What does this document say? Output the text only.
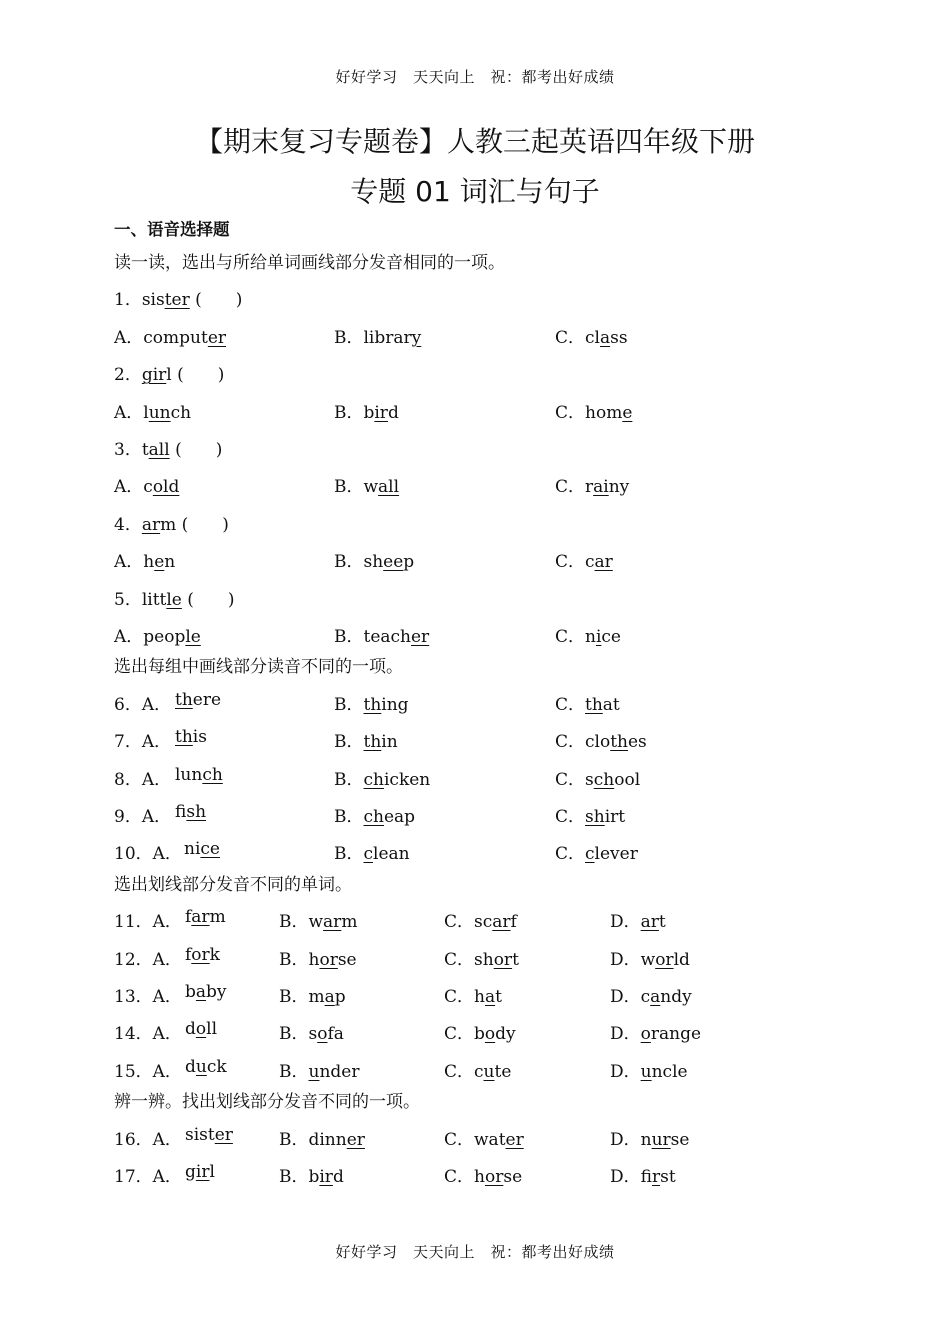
好好学习　天天向上　祝：都考出好成绩
【期末复习专题卷】人教三起英语四年级下册
专题 01 词汇与句子
一、语音选择题
读一读，选出与所给单词画线部分发音相同的一项。
1．sister (　　)
A．computer	B．library	C．class
2．girl (　　)
A．lunch	B．bird	C．home
3．tall (　　)
A．cold	B．wall	C．rainy
4．arm (　　)
A．hen	B．sheep	C．car
5．little (　　)
A．people	B．teacher	C．nice
选出每组中画线部分读音不同的一项。
6．A． there	B．thing	C．that
7．A． this	B．thin	C．clothes
8．A． lunch	B．chicken	C．school
9．A． fish	B．cheap	C．shirt
10．A． nice	B．clean	C．clever
选出划线部分发音不同的单词。
11．A． farm	B．warm	C．scarf	D．art
12．A． fork	B．horse	C．short	D．world
13．A． baby	B．map	C．hat	D．candy
14．A． doll	B．sofa	C．body	D．orange
15．A． duck	B．under	C．cute	D．uncle
辨一辨。找出划线部分发音不同的一项。
16．A． sister	B．dinner	C．water	D．nurse
17．A． girl	B．bird	C．horse	D．first
好好学习　天天向上　祝：都考出好成绩
